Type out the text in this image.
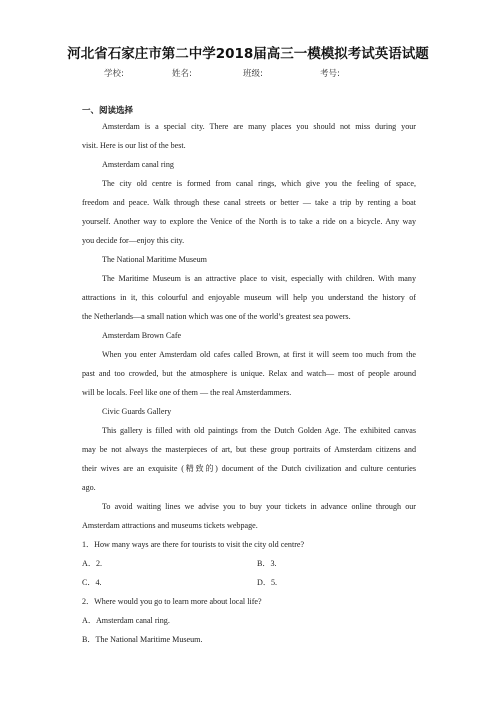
河北省石家庄市第二中学2018届高三一模模拟考试英语试题
学校:	姓名:	班级:	考号:
一、阅读选择
Amsterdam is a special city. There are many places you should not miss during your
visit. Here is our list of the best.
Amsterdam canal ring
The city old centre is formed from canal rings, which give you the feeling of space,
freedom and peace. Walk through these canal streets or better — take a trip by renting a boat
yourself. Another way to explore the Venice of the North is to take a ride on a bicycle. Any way
you decide for—enjoy this city.
The National Maritime Museum
The Maritime Museum is an attractive place to visit, especially with children. With many
attractions in it, this colourful and enjoyable museum will help you understand the history of
the Netherlands—a small nation which was one of the world’s greatest sea powers.
Amsterdam Brown Cafe
When you enter Amsterdam old cafes called Brown, at first it will seem too much from the
past and too crowded, but the atmosphere is unique. Relax and watch— most of people around
will be locals. Feel like one of them — the real Amsterdammers.
Civic Guards Gallery
This gallery is filled with old paintings from the Dutch Golden Age. The exhibited canvas
may be not always the masterpieces of art, but these group portraits of Amsterdam citizens and
their wives are an exquisite (精致的) document of the Dutch civilization and culture centuries
ago.
To avoid waiting lines we advise you to buy your tickets in advance online through our
Amsterdam attractions and museums tickets webpage.
1．How many ways are there for tourists to visit the city old centre?
A．2.	B．3.
C．4.	D．5.
2．Where would you go to learn more about local life?
A．Amsterdam canal ring.
B．The National Maritime Museum.
